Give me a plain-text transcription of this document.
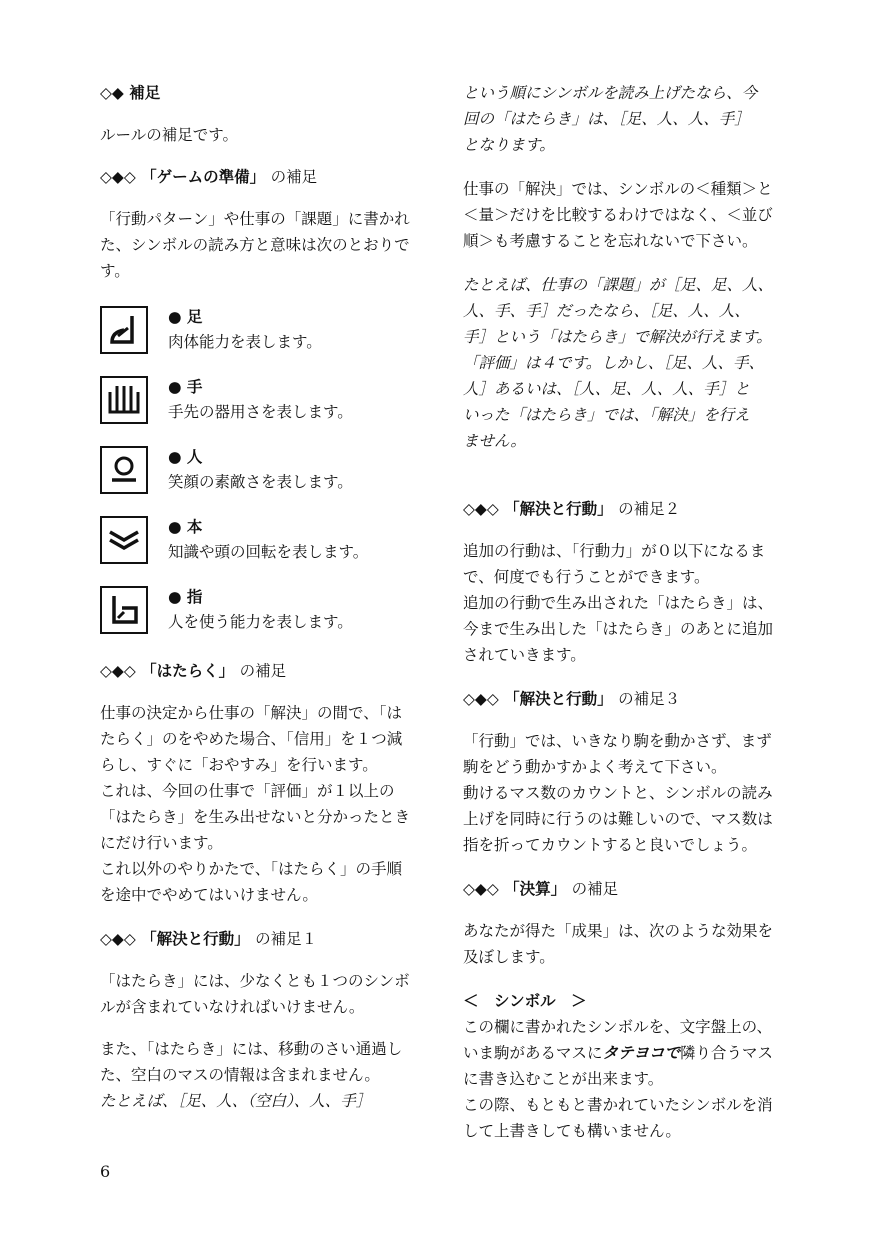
◇◆ 補足

ルールの補足です。

◇◆◇ 「ゲームの準備」 の補足

「行動パターン」や仕事の「課題」に書かれ
た、シンボルの読み方と意味は次のとおりで
す。
● 足
肉体能力を表します。
● 手
手先の器用さを表します。
● 人
笑顔の素敵さを表します。
● 本
知識や頭の回転を表します。
● 指
人を使う能力を表します。

◇◆◇ 「はたらく」 の補足

仕事の決定から仕事の「解決」の間で、「は
たらく」のをやめた場合、「信用」を１つ減
らし、すぐに「おやすみ」を行います。
これは、今回の仕事で「評価」が１以上の
「はたらき」を生み出せないと分かったとき
にだけ行います。
これ以外のやりかたで、「はたらく」の手順
を途中でやめてはいけません。

◇◆◇ 「解決と行動」 の補足１

「はたらき」には、少なくとも１つのシンボ
ルが含まれていなければいけません。
また、「はたらき」には、移動のさい通過し
た、空白のマスの情報は含まれません。
たとえば、［足、人、（空白）、人、手］
という順にシンボルを読み上げたなら、今
回の「はたらき」は、［足、人、人、手］
となります。
仕事の「解決」では、シンボルの＜種類＞と
＜量＞だけを比較するわけではなく、＜並び
順＞も考慮することを忘れないで下さい。
たとえば、仕事の「課題」が［足、足、人、
人、手、手］だったなら、［足、人、人、
手］という「はたらき」で解決が行えます。
「評価」は４です。しかし、［足、人、手、
人］あるいは、［人、足、人、人、手］と
いった「はたらき」では、「解決」を行え
ません。

◇◆◇ 「解決と行動」 の補足２

追加の行動は、「行動力」が０以下になるま
で、何度でも行うことができます。
追加の行動で生み出された「はたらき」は、
今まで生み出した「はたらき」のあとに追加
されていきます。

◇◆◇ 「解決と行動」 の補足３

「行動」では、いきなり駒を動かさず、まず
駒をどう動かすかよく考えて下さい。
動けるマス数のカウントと、シンボルの読み
上げを同時に行うのは難しいので、マス数は
指を折ってカウントすると良いでしょう。

◇◆◇ 「決算」 の補足

あなたが得た「成果」は、次のような効果を
及ぼします。
＜　シンボル　＞
この欄に書かれたシンボルを、文字盤上の、
いま駒があるマスにタテヨコで隣り合うマス
に書き込むことが出来ます。
この際、もともと書かれていたシンボルを消
して上書きしても構いません。
6
